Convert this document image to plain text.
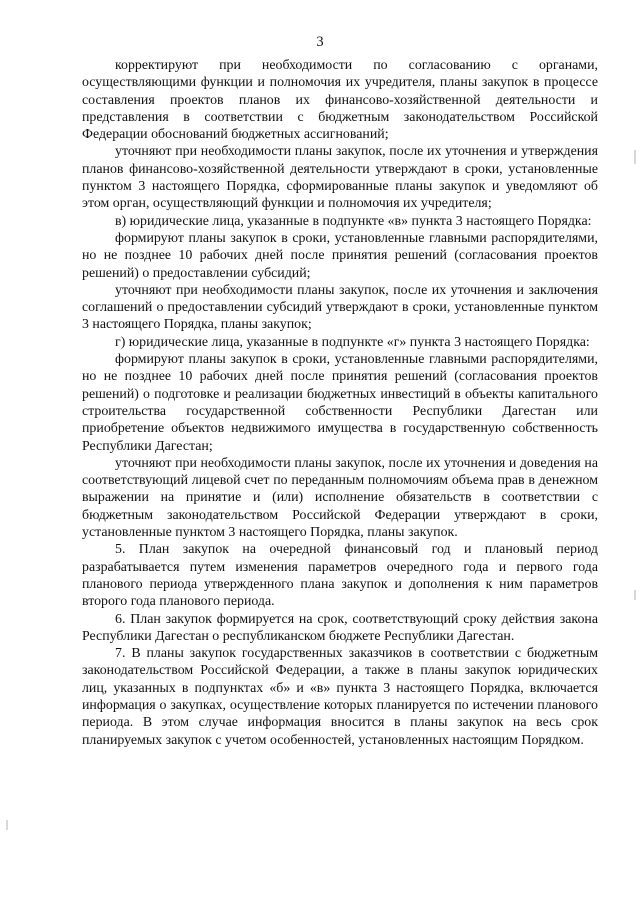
3

корректируют при необходимости по согласованию с органами, осуществляющими функции и полномочия их учредителя, планы закупок в процессе составления проектов планов их финансово-хозяйственной деятельности и представления в соответствии с бюджетным законодательством Российской Федерации обоснований бюджетных ассигнований;

уточняют при необходимости планы закупок, после их уточнения и утверждения планов финансово-хозяйственной деятельности утверждают в сроки, установленные пунктом 3 настоящего Порядка, сформированные планы закупок и уведомляют об этом орган, осуществляющий функции и полномочия их учредителя;

в) юридические лица, указанные в подпункте «в» пункта 3 настоящего Порядка:

формируют планы закупок в сроки, установленные главными распорядителями, но не позднее 10 рабочих дней после принятия решений (согласования проектов решений) о предоставлении субсидий;

уточняют при необходимости планы закупок, после их уточнения и заключения соглашений о предоставлении субсидий утверждают в сроки, установленные пунктом 3 настоящего Порядка, планы закупок;

г) юридические лица, указанные в подпункте «г» пункта 3 настоящего Порядка:

формируют планы закупок в сроки, установленные главными распорядителями, но не позднее 10 рабочих дней после принятия решений (согласования проектов решений) о подготовке и реализации бюджетных инвестиций в объекты капитального строительства государственной собственности Республики Дагестан или приобретение объектов недвижимого имущества в государственную собственность Республики Дагестан;

уточняют при необходимости планы закупок, после их уточнения и доведения на соответствующий лицевой счет по переданным полномочиям объема прав в денежном выражении на принятие и (или) исполнение обязательств в соответствии с бюджетным законодательством Российской Федерации утверждают в сроки, установленные пунктом 3 настоящего Порядка, планы закупок.

5. План закупок на очередной финансовый год и плановый период разрабатывается путем изменения параметров очередного года и первого года планового периода утвержденного плана закупок и дополнения к ним параметров второго года планового периода.

6. План закупок формируется на срок, соответствующий сроку действия закона Республики Дагестан о республиканском бюджете Республики Дагестан.

7. В планы закупок государственных заказчиков в соответствии с бюджетным законодательством Российской Федерации, а также в планы закупок юридических лиц, указанных в подпунктах «б» и «в» пункта 3 настоящего Порядка, включается информация о закупках, осуществление которых планируется по истечении планового периода. В этом случае информация вносится в планы закупок на весь срок планируемых закупок с учетом особенностей, установленных настоящим Порядком.
